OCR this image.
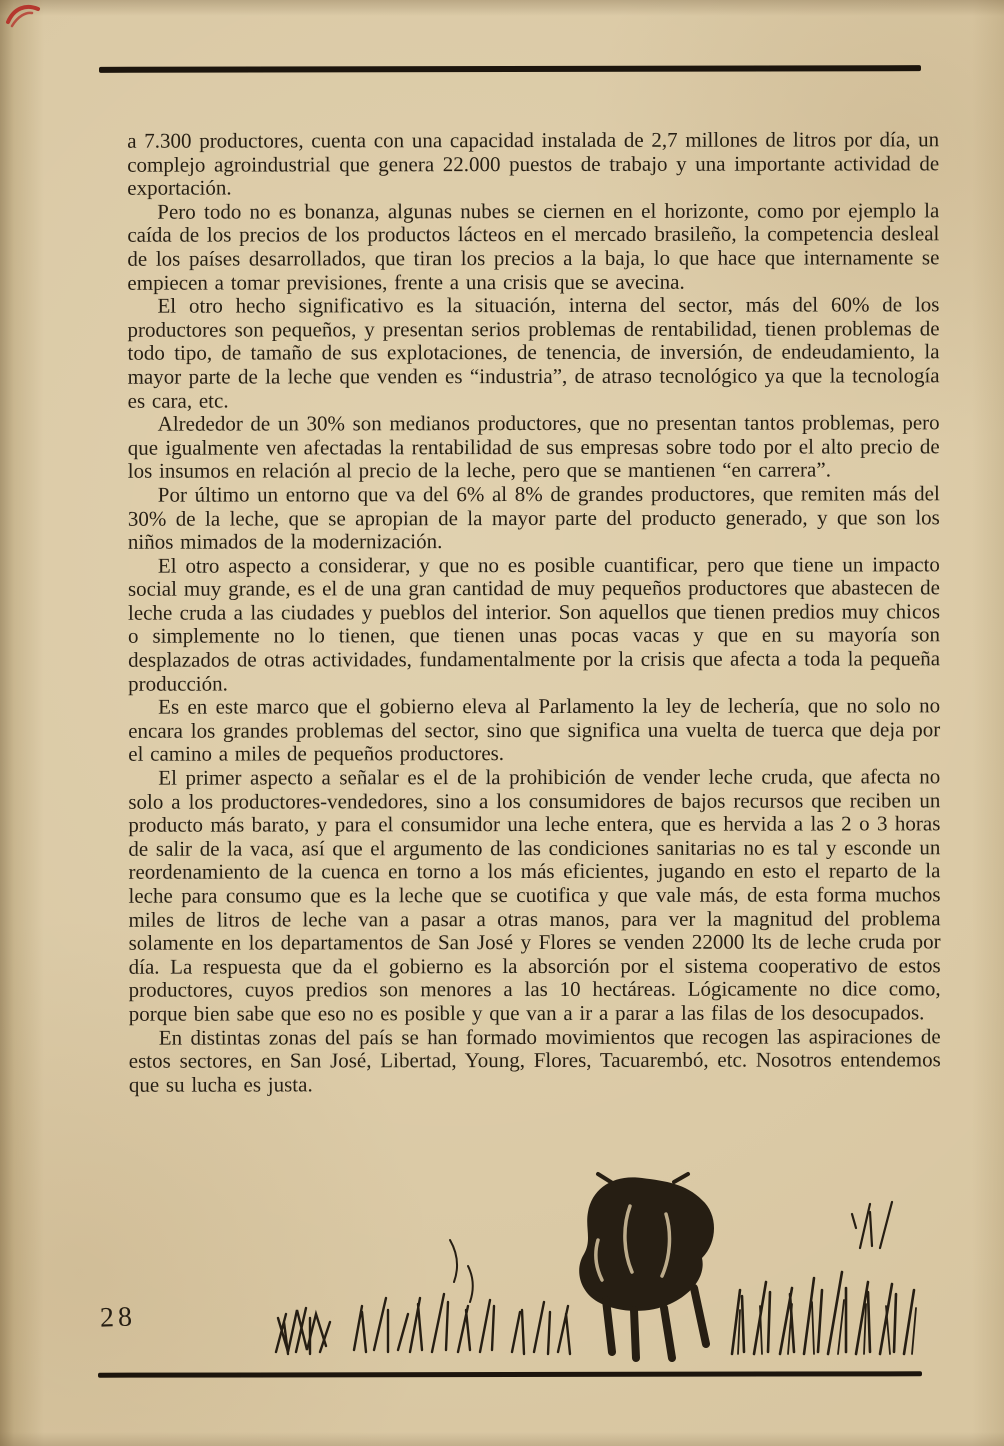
a 7.300 productores, cuenta con una capacidad instalada de 2,7 millones de litros por día, un complejo agroindustrial que genera 22.000 puestos de trabajo y una importante actividad de exportación.

Pero todo no es bonanza, algunas nubes se ciernen en el horizonte, como por ejemplo la caída de los precios de los productos lácteos en el mercado brasileño, la competencia desleal de los países desarrollados, que tiran los precios a la baja, lo que hace que internamente se empiecen a tomar previsiones, frente a una crisis que se avecina.

El otro hecho significativo es la situación, interna del sector, más del 60% de los productores son pequeños, y presentan serios problemas de rentabilidad, tienen problemas de todo tipo, de tamaño de sus explotaciones, de tenencia, de inversión, de endeudamiento, la mayor parte de la leche que venden es “industria”, de atraso tecnológico ya que la tecnología es cara, etc.

Alrededor de un 30% son medianos productores, que no presentan tantos problemas, pero que igualmente ven afectadas la rentabilidad de sus empresas sobre todo por el alto precio de los insumos en relación al precio de la leche, pero que se mantienen “en carrera”.

Por último un entorno que va del 6% al 8% de grandes productores, que remiten más del 30% de la leche, que se apropian de la mayor parte del producto generado, y que son los niños mimados de la modernización.

El otro aspecto a considerar, y que no es posible cuantificar, pero que tiene un impacto social muy grande, es el de una gran cantidad de muy pequeños productores que abastecen de leche cruda a las ciudades y pueblos del interior. Son aquellos que tienen predios muy chicos o simplemente no lo tienen, que tienen unas pocas vacas y que en su mayoría son desplazados de otras actividades, fundamentalmente por la crisis que afecta a toda la pequeña producción.

Es en este marco que el gobierno eleva al Parlamento la ley de lechería, que no solo no encara los grandes problemas del sector, sino que significa una vuelta de tuerca que deja por el camino a miles de pequeños productores.

El primer aspecto a señalar es el de la prohibición de vender leche cruda, que afecta no solo a los productores-vendedores, sino a los consumidores de bajos recursos que reciben un producto más barato, y para el consumidor una leche entera, que es hervida a las 2 o 3 horas de salir de la vaca, así que el argumento de las condiciones sanitarias no es tal y esconde un reordenamiento de la cuenca en torno a los más eficientes, jugando en esto el reparto de la leche para consumo que es la leche que se cuotifica y que vale más, de esta forma muchos miles de litros de leche van a pasar a otras manos, para ver la magnitud del problema solamente en los departamentos de San José y Flores se venden 22000 lts de leche cruda por día. La respuesta que da el gobierno es la absorción por el sistema cooperativo de estos productores, cuyos predios son menores a las 10 hectáreas. Lógicamente no dice como, porque bien sabe que eso no es posible y que van a ir a parar a las filas de los desocupados.

En distintas zonas del país se han formado movimientos que recogen las aspiraciones de estos sectores, en San José, Libertad, Young, Flores, Tacuarembó, etc. Nosotros entendemos que su lucha es justa.

28
